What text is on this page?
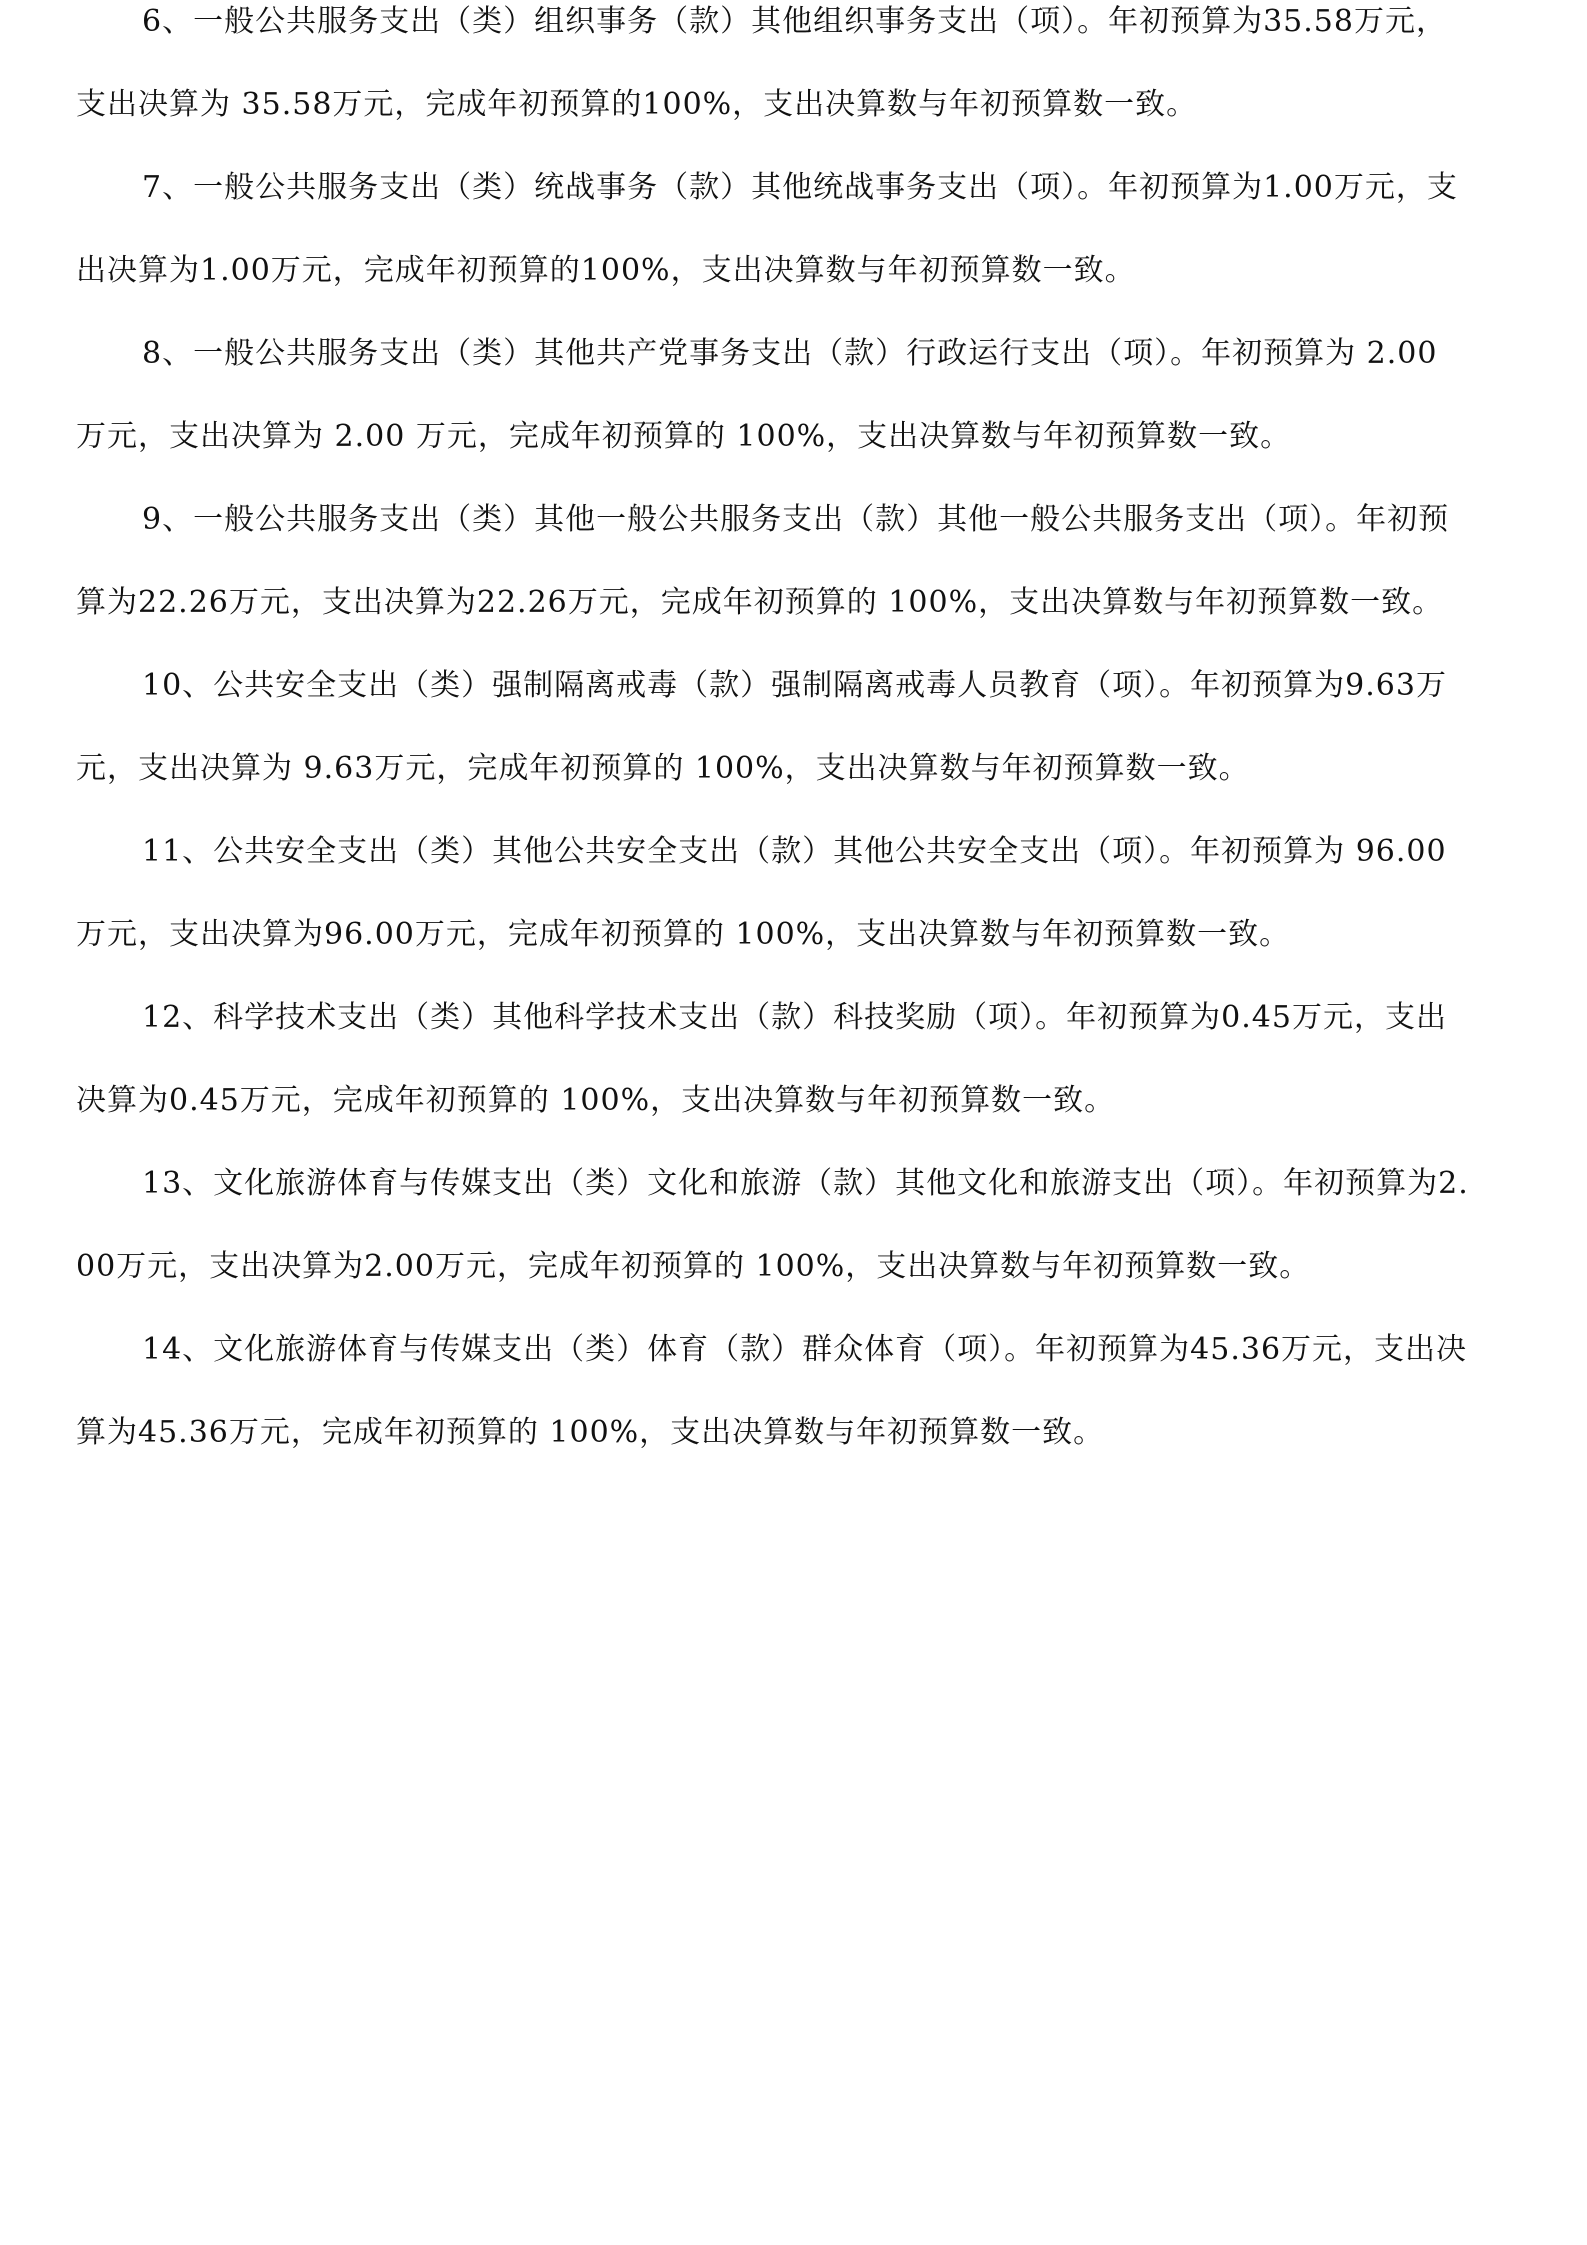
6、一般公共服务支出（类）组织事务（款）其他组织事务支出（项）。年初预算为35.58万元，支出决算为 35.58万元，完成年初预算的100%，支出决算数与年初预算数一致。

7、一般公共服务支出（类）统战事务（款）其他统战事务支出（项）。年初预算为1.00万元，支出决算为1.00万元，完成年初预算的100%，支出决算数与年初预算数一致。

8、一般公共服务支出（类）其他共产党事务支出（款）行政运行支出（项）。年初预算为 2.00 万元，支出决算为 2.00 万元，完成年初预算的 100%，支出决算数与年初预算数一致。

9、一般公共服务支出（类）其他一般公共服务支出（款）其他一般公共服务支出（项）。年初预算为22.26万元，支出决算为22.26万元，完成年初预算的 100%，支出决算数与年初预算数一致。

10、公共安全支出（类）强制隔离戒毒（款）强制隔离戒毒人员教育（项）。年初预算为9.63万元，支出决算为 9.63万元，完成年初预算的 100%，支出决算数与年初预算数一致。

11、公共安全支出（类）其他公共安全支出（款）其他公共安全支出（项）。年初预算为 96.00万元，支出决算为96.00万元，完成年初预算的 100%，支出决算数与年初预算数一致。

12、科学技术支出（类）其他科学技术支出（款）科技奖励（项）。年初预算为0.45万元，支出决算为0.45万元，完成年初预算的 100%，支出决算数与年初预算数一致。

13、文化旅游体育与传媒支出（类）文化和旅游（款）其他文化和旅游支出（项）。年初预算为2.00万元，支出决算为2.00万元，完成年初预算的 100%，支出决算数与年初预算数一致。

14、文化旅游体育与传媒支出（类）体育（款）群众体育（项）。年初预算为45.36万元，支出决算为45.36万元，完成年初预算的 100%，支出决算数与年初预算数一致。
